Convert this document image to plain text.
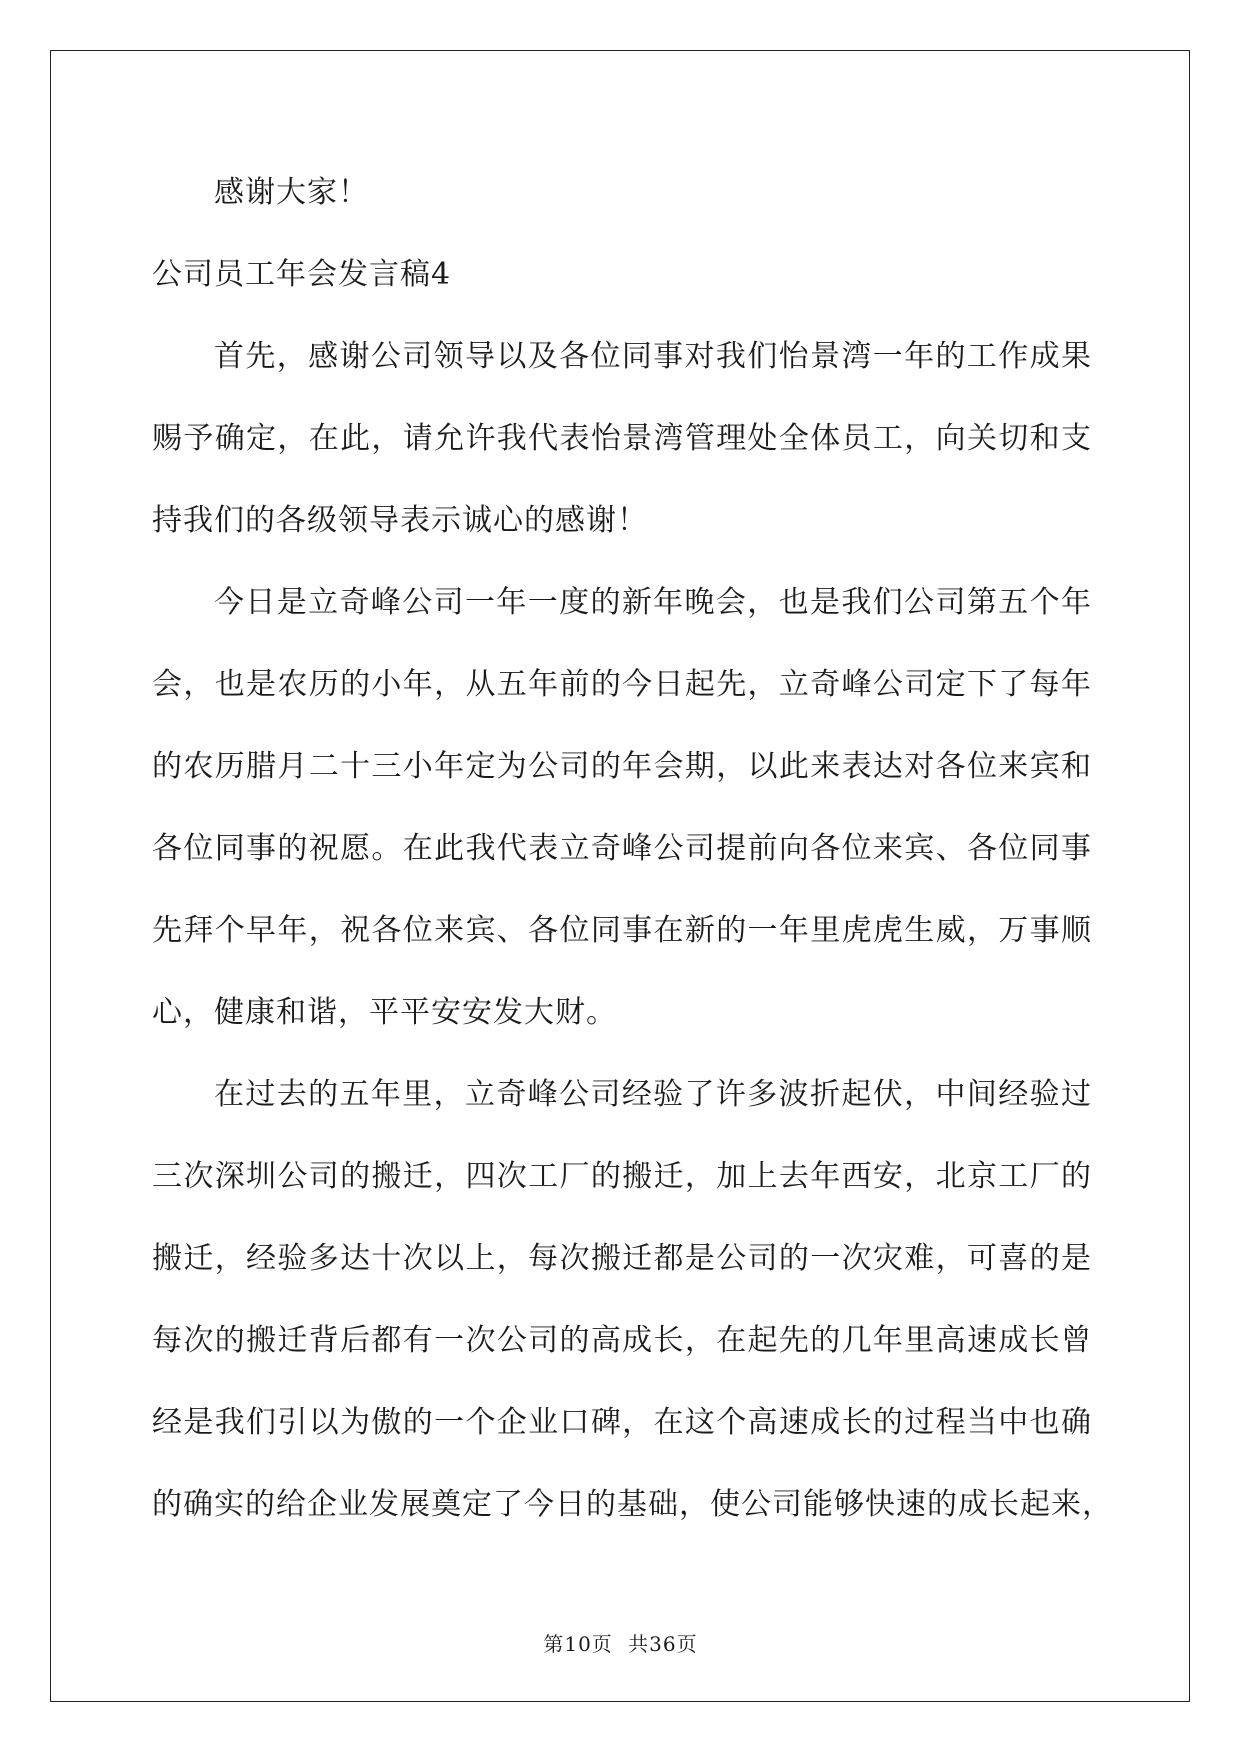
感谢大家！
公司员工年会发言稿4
首先，感谢公司领导以及各位同事对我们怡景湾一年的工作成果
赐予确定，在此，请允许我代表怡景湾管理处全体员工，向关切和支
持我们的各级领导表示诚心的感谢！
今日是立奇峰公司一年一度的新年晚会，也是我们公司第五个年
会，也是农历的小年，从五年前的今日起先，立奇峰公司定下了每年
的农历腊月二十三小年定为公司的年会期，以此来表达对各位来宾和
各位同事的祝愿。在此我代表立奇峰公司提前向各位来宾、各位同事
先拜个早年，祝各位来宾、各位同事在新的一年里虎虎生威，万事顺
心，健康和谐，平平安安发大财。
在过去的五年里，立奇峰公司经验了许多波折起伏，中间经验过
三次深圳公司的搬迁，四次工厂的搬迁，加上去年西安，北京工厂的
搬迁，经验多达十次以上，每次搬迁都是公司的一次灾难，可喜的是
每次的搬迁背后都有一次公司的高成长，在起先的几年里高速成长曾
经是我们引以为傲的一个企业口碑，在这个高速成长的过程当中也确
的确实的给企业发展奠定了今日的基础，使公司能够快速的成长起来，
第10页 共36页
